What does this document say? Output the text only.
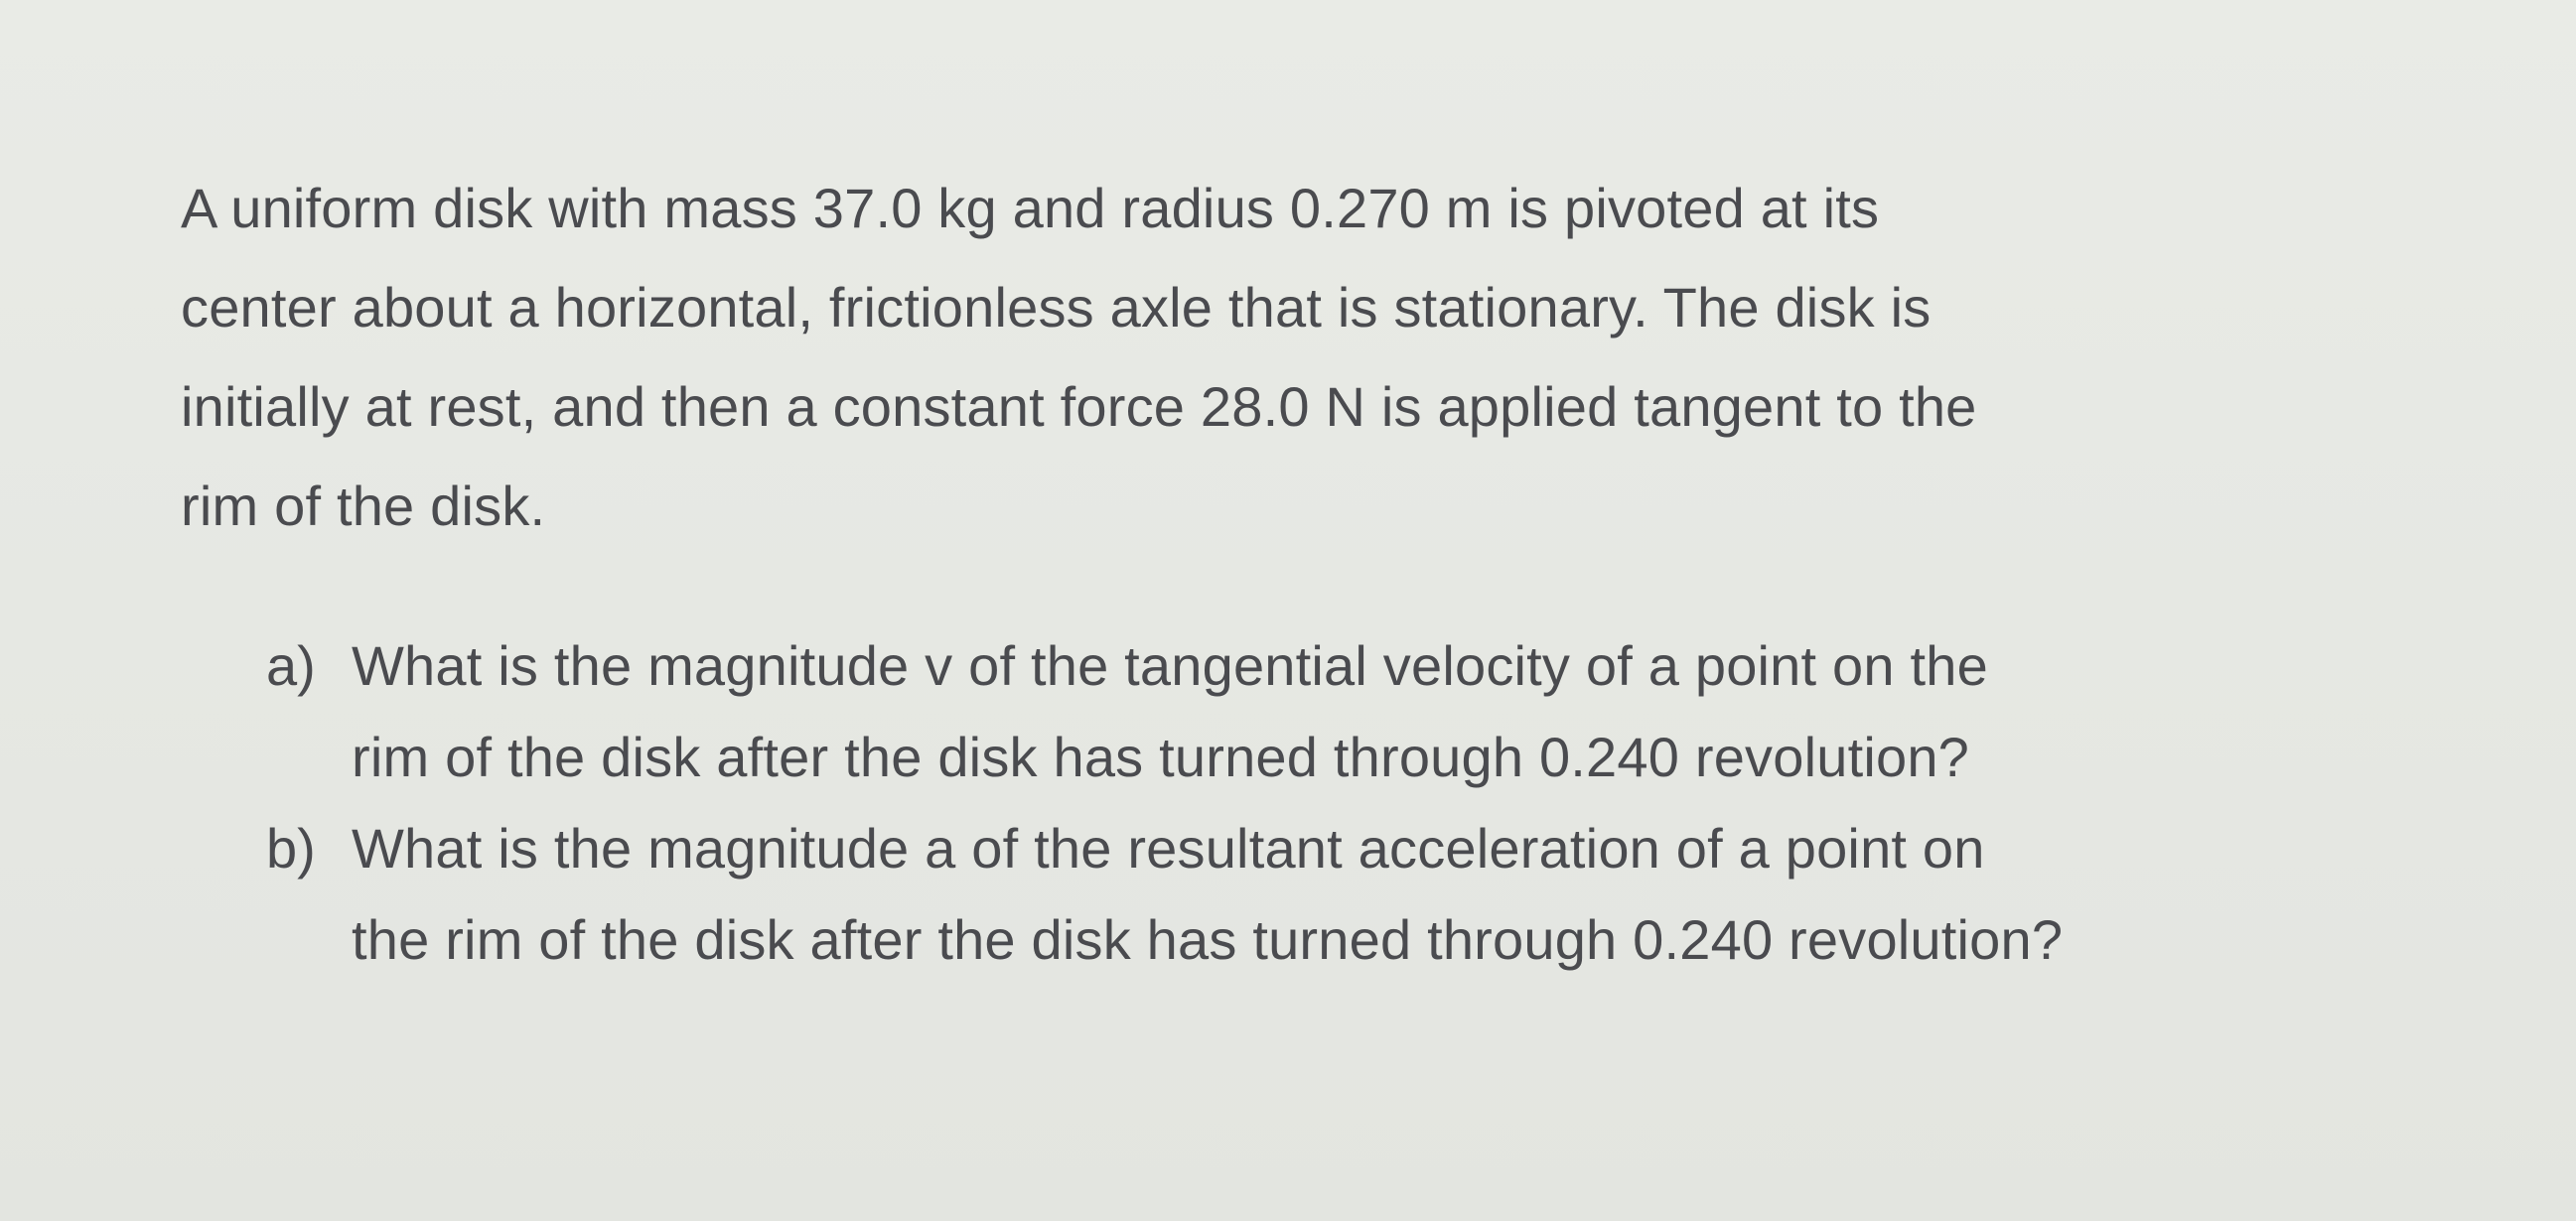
A uniform disk with mass 37.0 kg and radius 0.270 m is pivoted at its
center about a horizontal, frictionless axle that is stationary. The disk is
initially at rest, and then a constant force 28.0 N is applied tangent to the
rim of the disk.
a) What is the magnitude v of the tangential velocity of a point on the
rim of the disk after the disk has turned through 0.240 revolution?
b) What is the magnitude a of the resultant acceleration of a point on
the rim of the disk after the disk has turned through 0.240 revolution?
